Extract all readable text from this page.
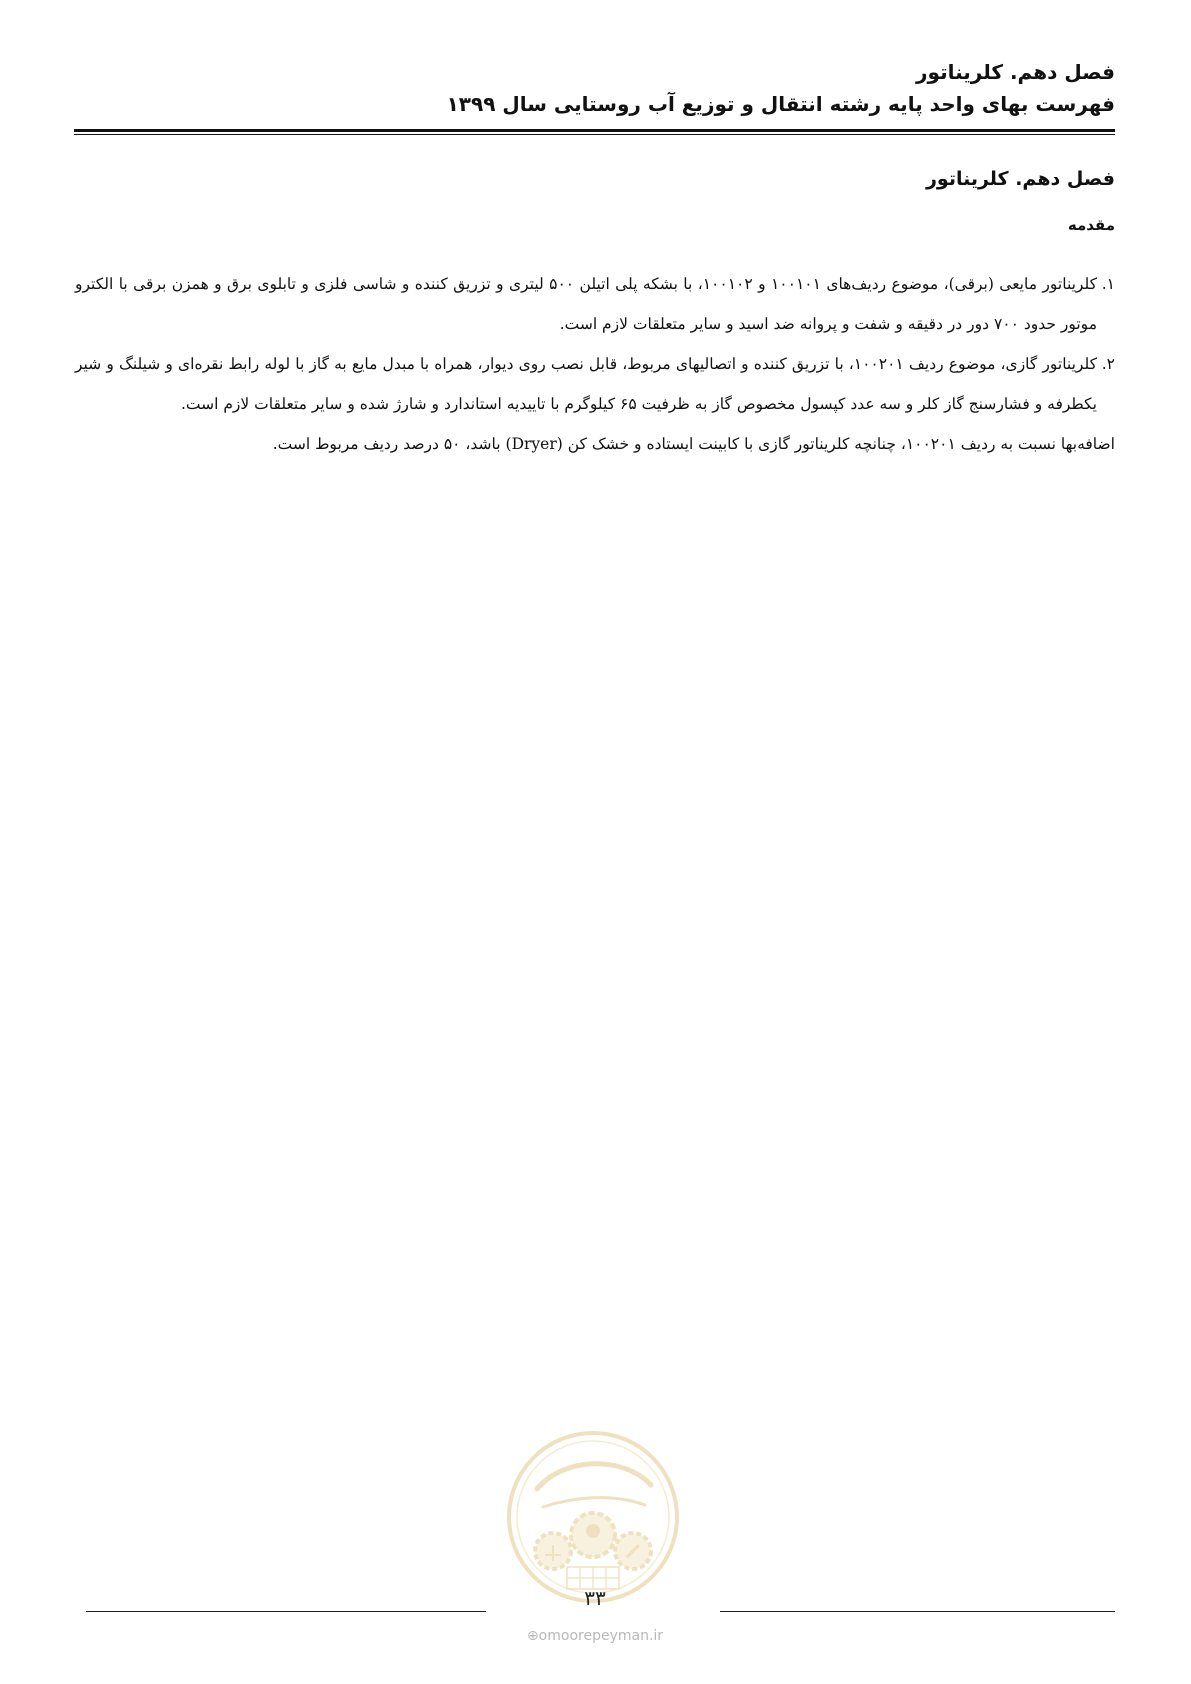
فصل دهم. کلریناتور
فهرست بهای واحد پایه رشته انتقال و توزیع آب روستایی سال ۱۳۹۹
فصل دهم. کلریناتور
مقدمه
۱.
کلریناتور مایعی (برقی)، موضوع ردیف‌های ۱۰۰۱۰۱ و ۱۰۰۱۰۲، با بشکه پلی اتیلن ۵۰۰ لیتری و تزریق کننده و شاسی فلزی و تابلوی برق و همزن برقی با الکترو موتور حدود ۷۰۰ دور در دقیقه و شفت و پروانه ضد اسید و سایر متعلقات لازم است.
۲.
کلریناتور گازی، موضوع ردیف ۱۰۰۲۰۱، با تزریق کننده و اتصالیهای مربوط، قابل نصب روی دیوار، همراه با مبدل مایع به گاز با لوله رابط نقره‌ای و شیلنگ و شیر یکطرفه و فشارسنج گاز کلر و سه عدد کپسول مخصوص گاز به ظرفیت ۶۵ کیلوگرم با تاییدیه استاندارد و شارژ شده و سایر متعلقات لازم است.
اضافه‌بها نسبت به ردیف ۱۰۰۲۰۱، چنانچه کلریناتور گازی با کابینت ایستاده و خشک کن (Dryer) باشد، ۵۰ درصد ردیف مربوط است.
۳۳
⊕omoorepeyman.ir
